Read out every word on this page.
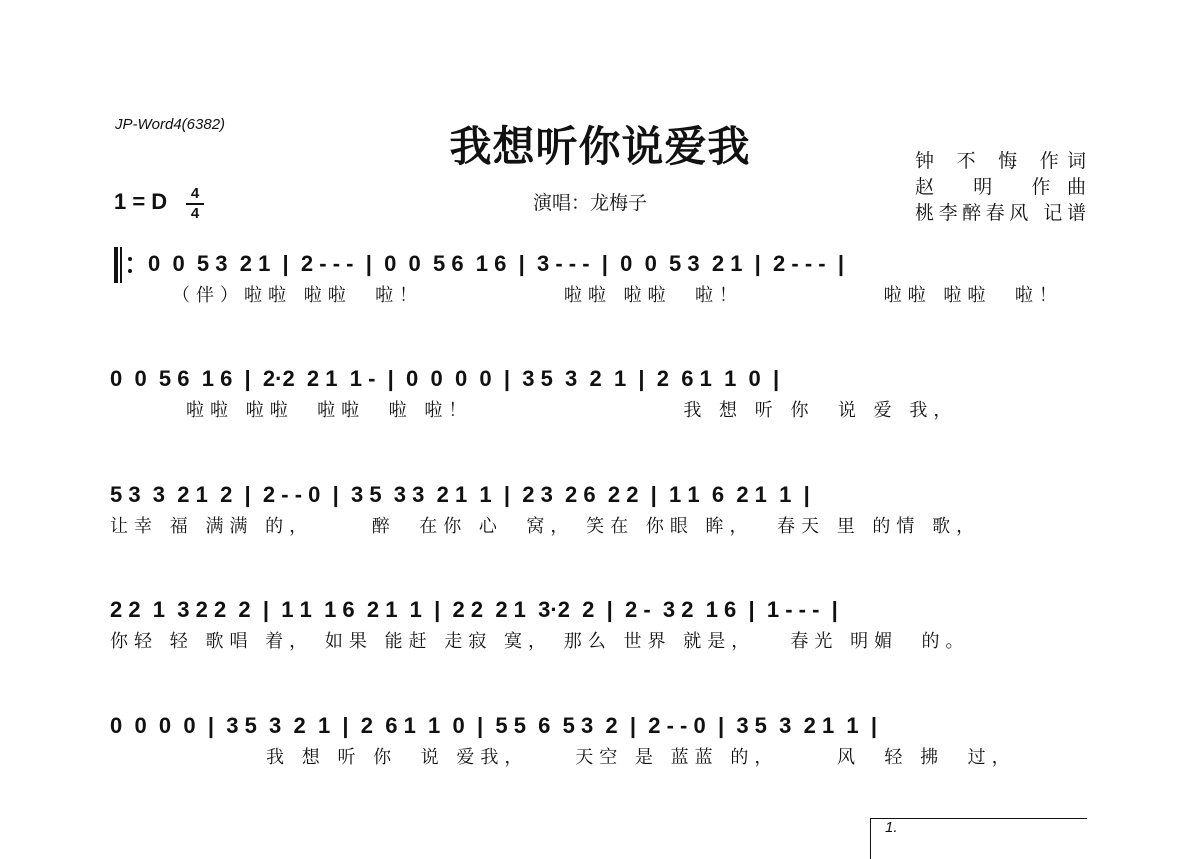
JP-Word4(6382)	我想听你说爱我	钟 不 悔 作词
赵 明 作曲
桃李醉春风 记谱
1 = D	4
4	演唱：龙梅子
0  0  5 3  2 1  |  2 - - -  |  0  0  5 6  1 6  |  3 - - -  |  0  0  5 3  2 1  |  2 - - -  |
（伴）啦啦 啦啦  啦！            啦啦 啦啦  啦！            啦啦 啦啦  啦！
0  0  5 6  1 6  |  2·2  2 1  1 -  |  0  0  0  0  |  3 5  3  2  1  |  2  6 1  1  0  |
啦啦 啦啦  啦啦  啦 啦！                  我 想 听 你  说 爱 我，
5 3  3  2 1  2  |  2 - - 0  |  3 5  3 3  2 1  1  |  2 3  2 6  2 2  |  1 1  6  2 1  1  |
让幸 福 满满 的，     醉  在你 心  窝， 笑在 你眼 眸，  春天 里 的情 歌，
2 2  1  3 2 2  2  |  1 1  1 6  2 1  1  |  2 2  2 1  3·2  2  |  2 -  3 2  1 6  |  1 - - -  |
你轻 轻 歌唱 着， 如果 能赶 走寂 寞， 那么 世界 就是，   春光 明媚  的。
0  0  0  0  |  3 5  3  2  1  |  2  6 1  1  0  |  5 5  6  5 3  2  |  2 - - 0  |  3 5  3  2 1  1  |
我 想 听 你  说 爱我，    天空 是 蓝蓝 的，     风  轻 拂  过，
1.
